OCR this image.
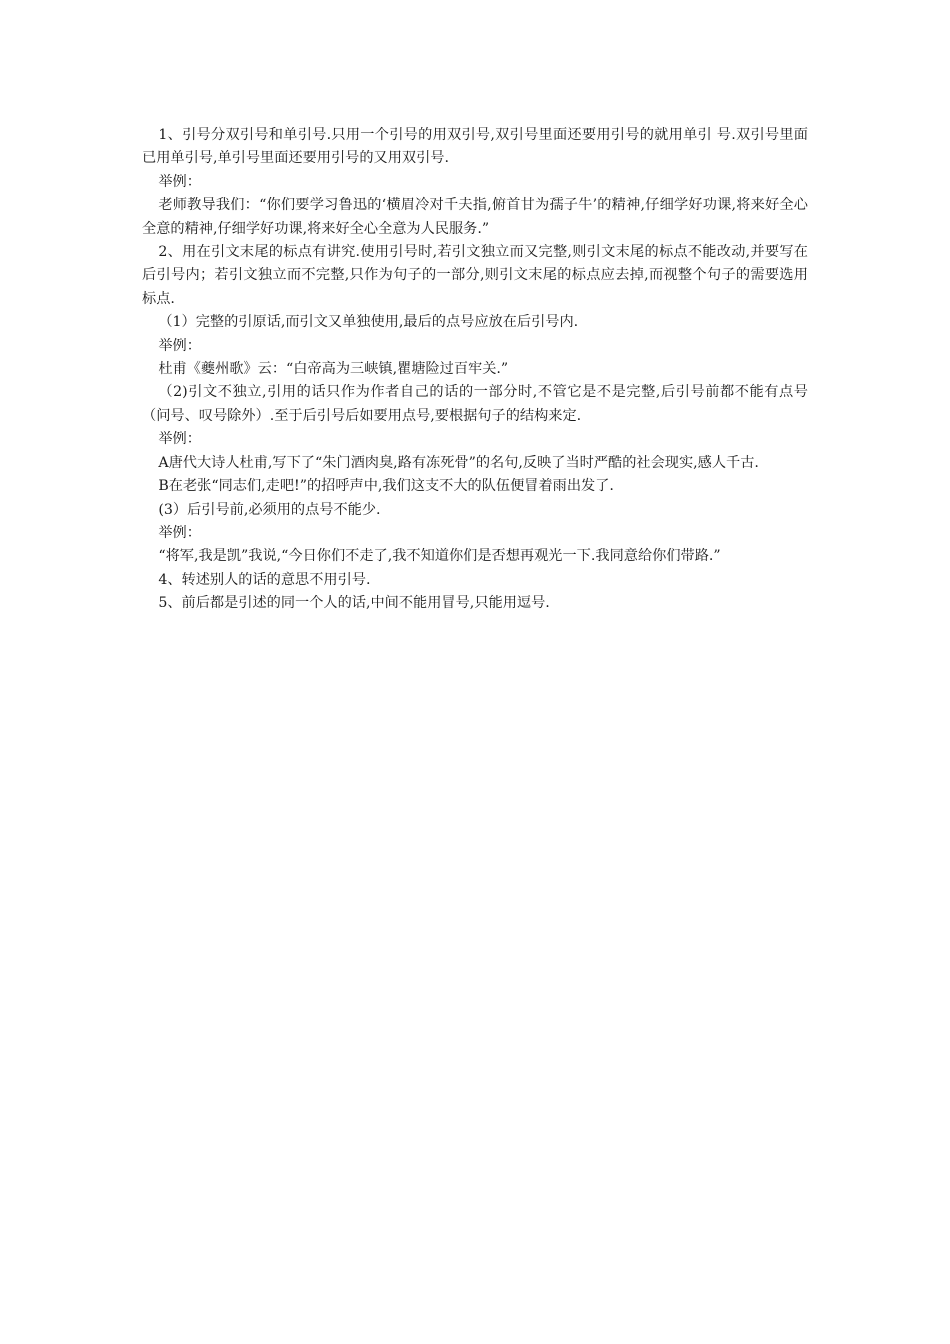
1、引号分双引号和单引号.只用一个引号的用双引号,双引号里面还要用引号的就用单引 号.双引号里面已用单引号,单引号里面还要用引号的又用双引号.

举例：

老师教导我们：“你们要学习鲁迅的‘横眉冷对千夫指,俯首甘为孺子牛’的精神,仔细学好功课,将来好全心全意的精神,仔细学好功课,将来好全心全意为人民服务.”

2、用在引文末尾的标点有讲究.使用引号时,若引文独立而又完整,则引文末尾的标点不能改动,并要写在后引号内；若引文独立而不完整,只作为句子的一部分,则引文末尾的标点应去掉,而视整个句子的需要选用标点.

（1）完整的引原话,而引文又单独使用,最后的点号应放在后引号内.

举例：

杜甫《夔州歌》云：“白帝高为三峡镇,瞿塘险过百牢关.”

（2)引文不独立,引用的话只作为作者自己的话的一部分时,不管它是不是完整,后引号前都不能有点号（问号、叹号除外）.至于后引号后如要用点号,要根据句子的结构来定.

举例：

A唐代大诗人杜甫,写下了“朱门酒肉臭,路有冻死骨”的名句,反映了当时严酷的社会现实,感人千古.

B在老张“同志们,走吧!”的招呼声中,我们这支不大的队伍便冒着雨出发了.

(3）后引号前,必须用的点号不能少.

举例：

“将军,我是凯”我说,“今日你们不走了,我不知道你们是否想再观光一下.我同意给你们带路.”

4、转述别人的话的意思不用引号.

5、前后都是引述的同一个人的话,中间不能用冒号,只能用逗号.
